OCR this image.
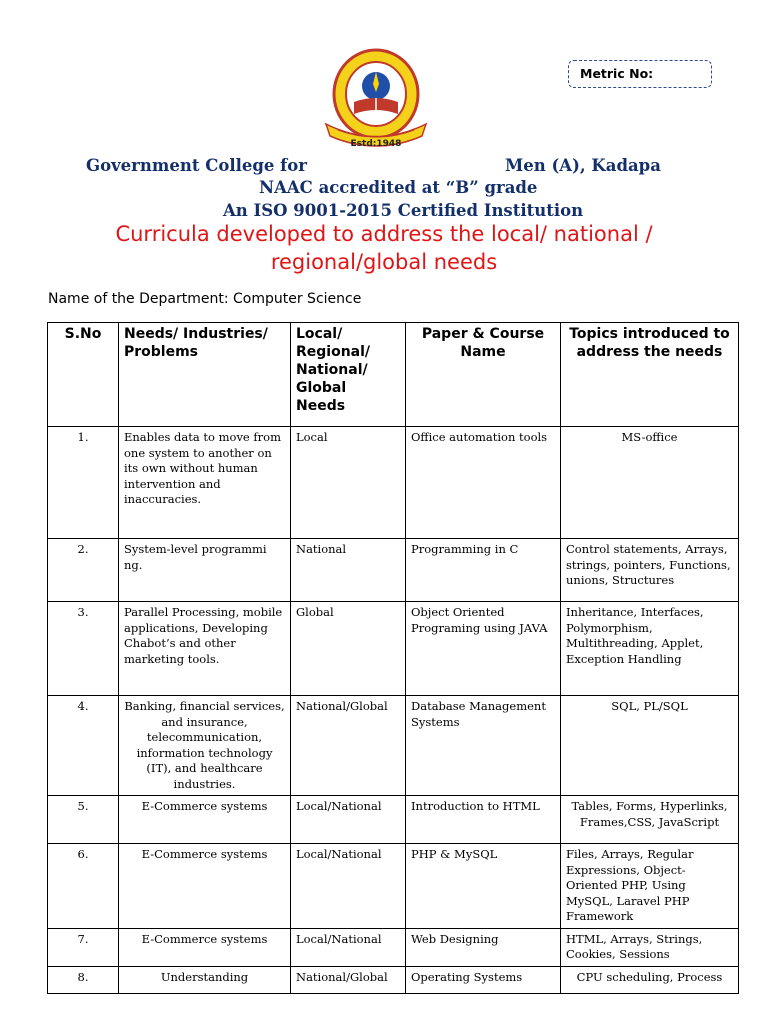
Estd:1948
Metric No:
Government College for	Men (A), Kadapa
NAAC accredited at “B” grade
An ISO 9001-2015 Certified Institution
Curricula developed to address the local/ national /
regional/global needs
Name of the Department: Computer Science
S.No	Needs/ Industries/ Problems	Local/ Regional/ National/ Global Needs	Paper & Course Name	Topics introduced to address the needs
1.	Enables data to move from one system to another on its own without human intervention and inaccuracies.	Local	Office automation tools	MS-office
2.	System-level programmi ng.	National	Programming in C	Control statements, Arrays, strings, pointers, Functions, unions, Structures
3.	Parallel Processing, mobile applications, Developing Chabot’s and other marketing tools.	Global	Object Oriented Programing using JAVA	Inheritance, Interfaces, Polymorphism, Multithreading, Applet, Exception Handling
4.	Banking, financial services, and insurance, telecommunication, information technology (IT), and healthcare industries.	National/Global	Database Management Systems	SQL, PL/SQL
5.	E-Commerce systems	Local/National	Introduction to HTML	Tables, Forms, Hyperlinks, Frames,CSS, JavaScript
6.	E-Commerce systems	Local/National	PHP & MySQL	Files, Arrays, Regular Expressions, Object-Oriented PHP, Using MySQL, Laravel PHP Framework
7.	E-Commerce systems	Local/National	Web Designing	HTML, Arrays, Strings, Cookies, Sessions
8.	Understanding	National/Global	Operating Systems	CPU scheduling, Process
